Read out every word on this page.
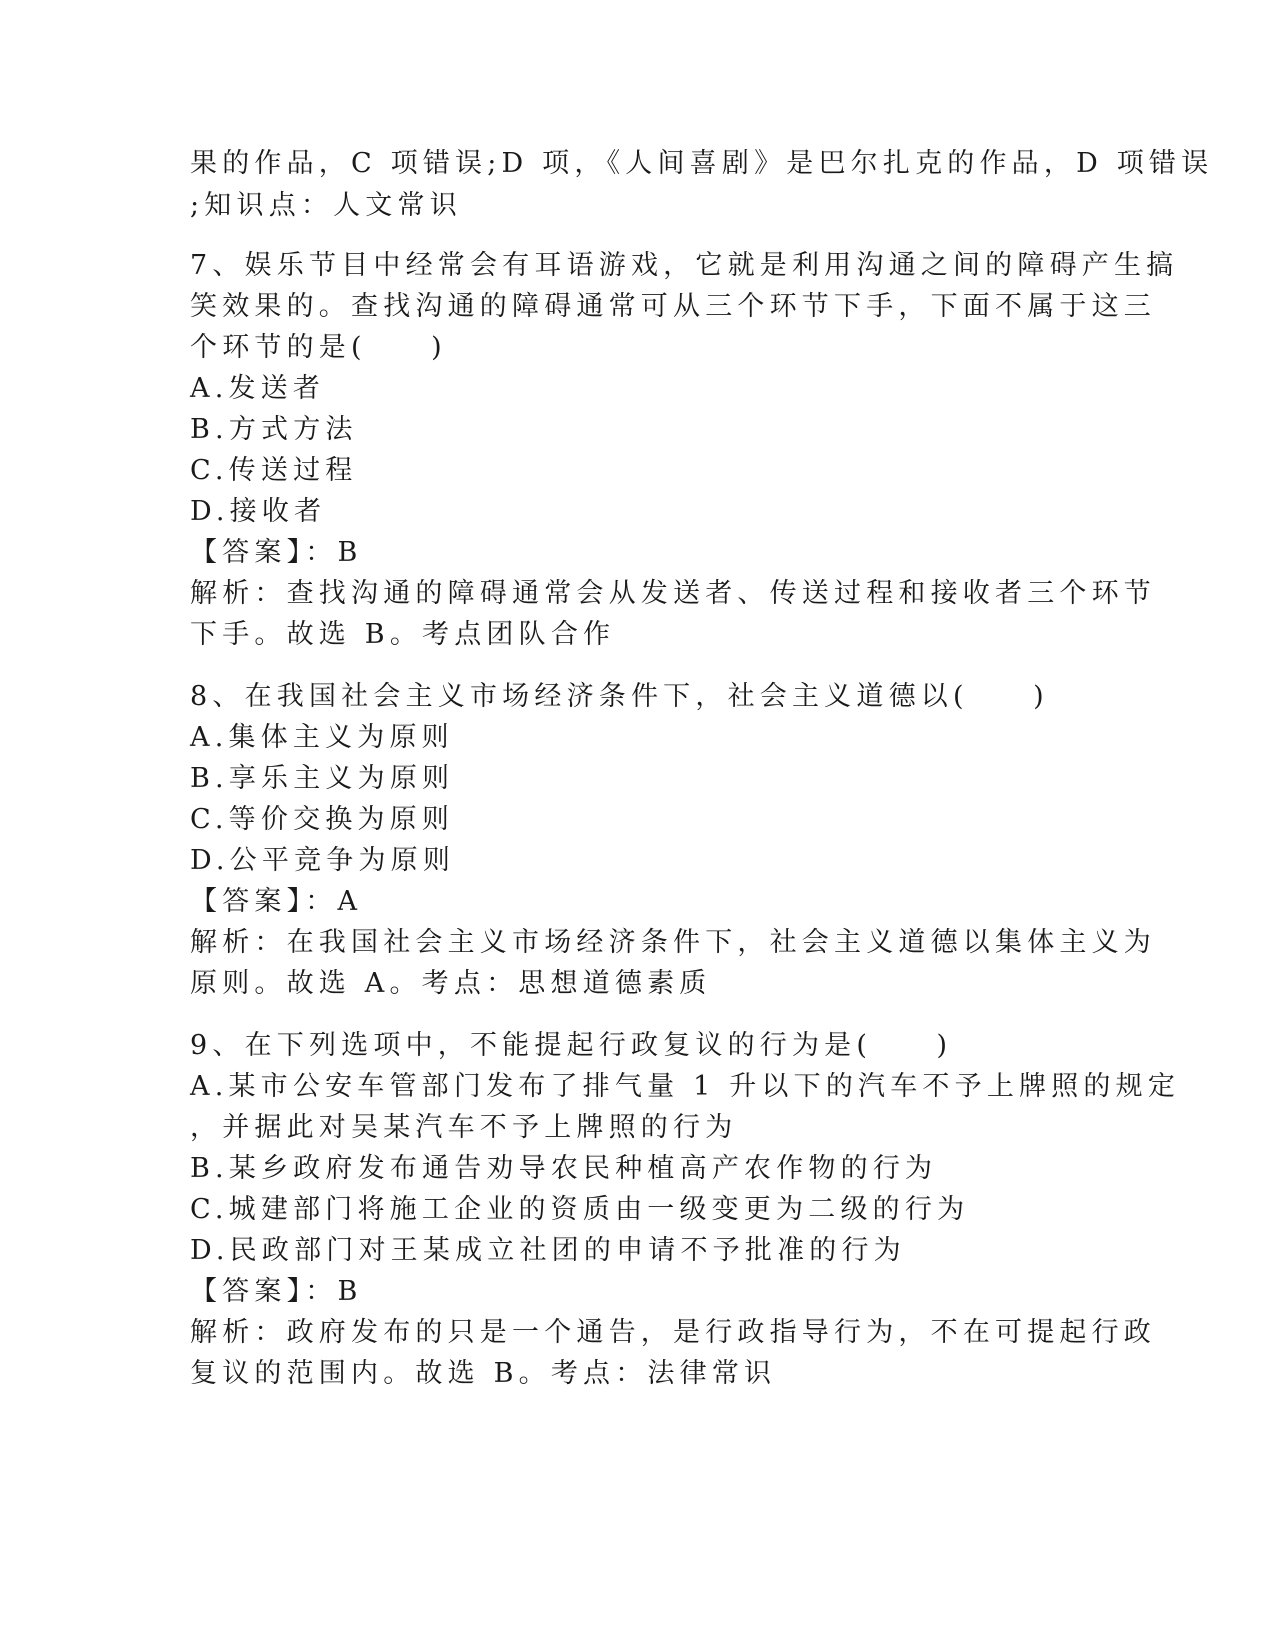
果的作品，C 项错误;D 项，《人间喜剧》是巴尔扎克的作品，D 项错误
;知识点：人文常识
7、娱乐节目中经常会有耳语游戏，它就是利用沟通之间的障碍产生搞
笑效果的。查找沟通的障碍通常可从三个环节下手，下面不属于这三
个环节的是(　　)
A.发送者
B.方式方法
C.传送过程
D.接收者
【答案】：B
解析：查找沟通的障碍通常会从发送者、传送过程和接收者三个环节
下手。故选 B。考点团队合作
8、在我国社会主义市场经济条件下，社会主义道德以(　　)
A.集体主义为原则
B.享乐主义为原则
C.等价交换为原则
D.公平竞争为原则
【答案】：A
解析：在我国社会主义市场经济条件下，社会主义道德以集体主义为
原则。故选 A。考点：思想道德素质
9、在下列选项中，不能提起行政复议的行为是(　　)
A.某市公安车管部门发布了排气量 1 升以下的汽车不予上牌照的规定
，并据此对吴某汽车不予上牌照的行为
B.某乡政府发布通告劝导农民种植高产农作物的行为
C.城建部门将施工企业的资质由一级变更为二级的行为
D.民政部门对王某成立社团的申请不予批准的行为
【答案】：B
解析：政府发布的只是一个通告，是行政指导行为，不在可提起行政
复议的范围内。故选 B。考点：法律常识
